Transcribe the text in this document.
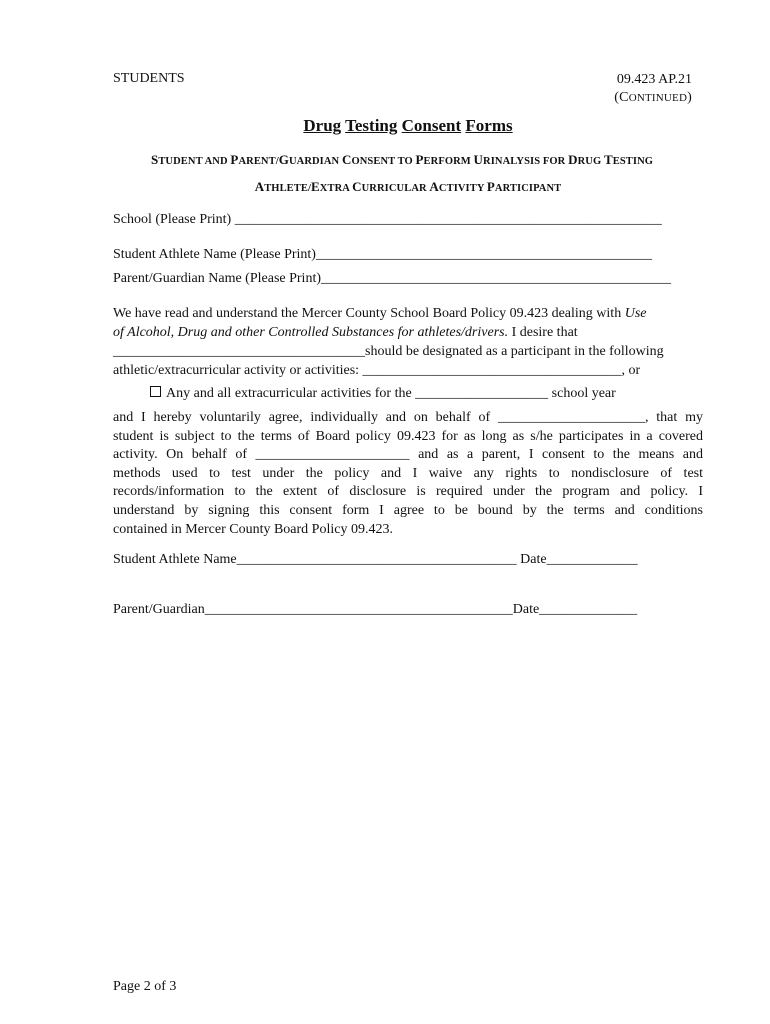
STUDENTS	09.423 AP.21
(CONTINUED)
Drug Testing Consent Forms
STUDENT AND PARENT/GUARDIAN CONSENT TO PERFORM URINALYSIS FOR DRUG TESTING
ATHLETE/EXTRA CURRICULAR ACTIVITY PARTICIPANT
School (Please Print) _____________________________________________________________
Student Athlete Name (Please Print)________________________________________________
Parent/Guardian Name (Please Print)__________________________________________________
We have read and understand the Mercer County School Board Policy 09.423 dealing with Use
of Alcohol, Drug and other Controlled Substances for athletes/drivers. I desire that
____________________________________should be designated as a participant in the following
athletic/extracurricular activity or activities: _____________________________________, or
Any and all extracurricular activities for the ___________________ school year
and I hereby voluntarily agree, individually and on behalf of _____________________, that my
student is subject to the terms of Board policy 09.423 for as long as s/he participates in a covered
activity. On behalf of ______________________ and as a parent, I consent to the means and
methods used to test under the policy and I waive any rights to nondisclosure of test
records/information to the extent of disclosure is required under the program and policy. I
understand by signing this consent form I agree to be bound by the terms and conditions
contained in Mercer County Board Policy 09.423.
Student Athlete Name________________________________________ Date_____________
Parent/Guardian____________________________________________Date______________
Page 2 of 3
